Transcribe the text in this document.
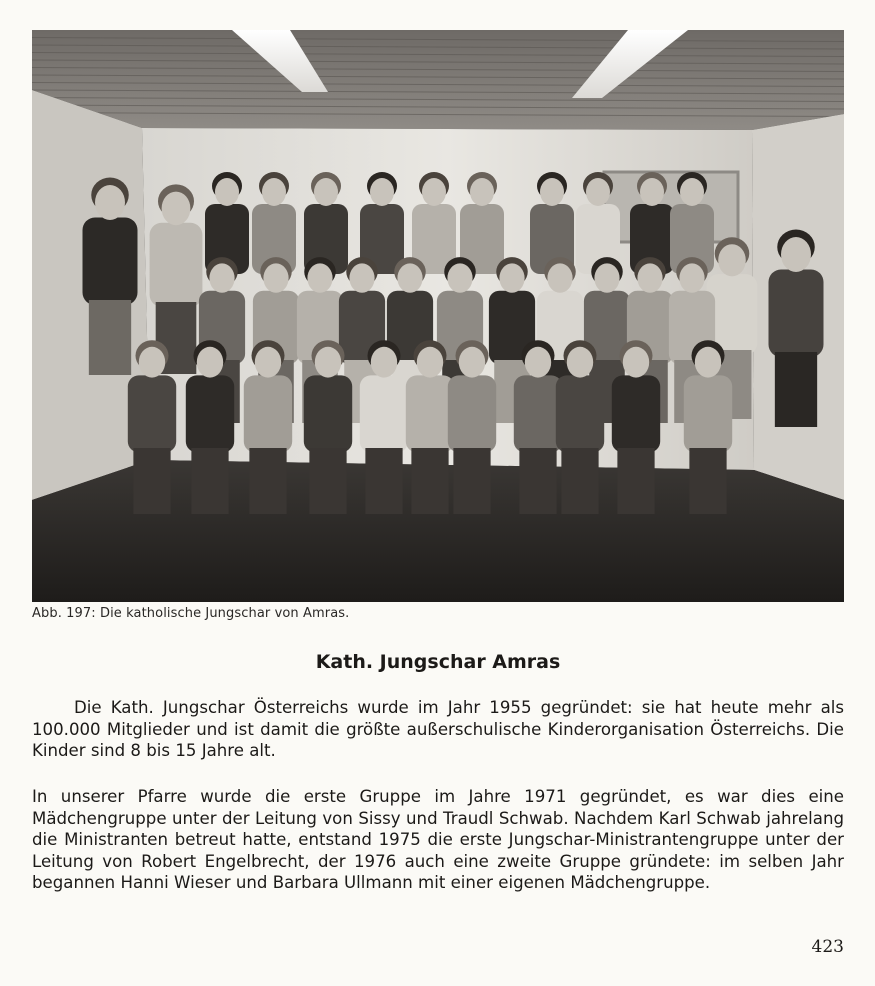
Abb. 197: Die katholische Jungschar von Amras.

Kath. Jungschar Amras

Die Kath. Jungschar Österreichs wurde im Jahr 1955 gegründet: sie hat heute mehr als 100.000 Mitglieder und ist damit die größte außerschulische Kinderorganisation Österreichs. Die Kinder sind 8 bis 15 Jahre alt.

In unserer Pfarre wurde die erste Gruppe im Jahre 1971 gegründet, es war dies eine Mädchengruppe unter der Leitung von Sissy und Traudl Schwab. Nachdem Karl Schwab jahrelang die Ministranten betreut hatte, entstand 1975 die erste Jungschar-Ministrantengruppe unter der Leitung von Robert Engelbrecht, der 1976 auch eine zweite Gruppe gründete: im selben Jahr begannen Hanni Wieser und Barbara Ullmann mit einer eigenen Mädchengruppe.

423
